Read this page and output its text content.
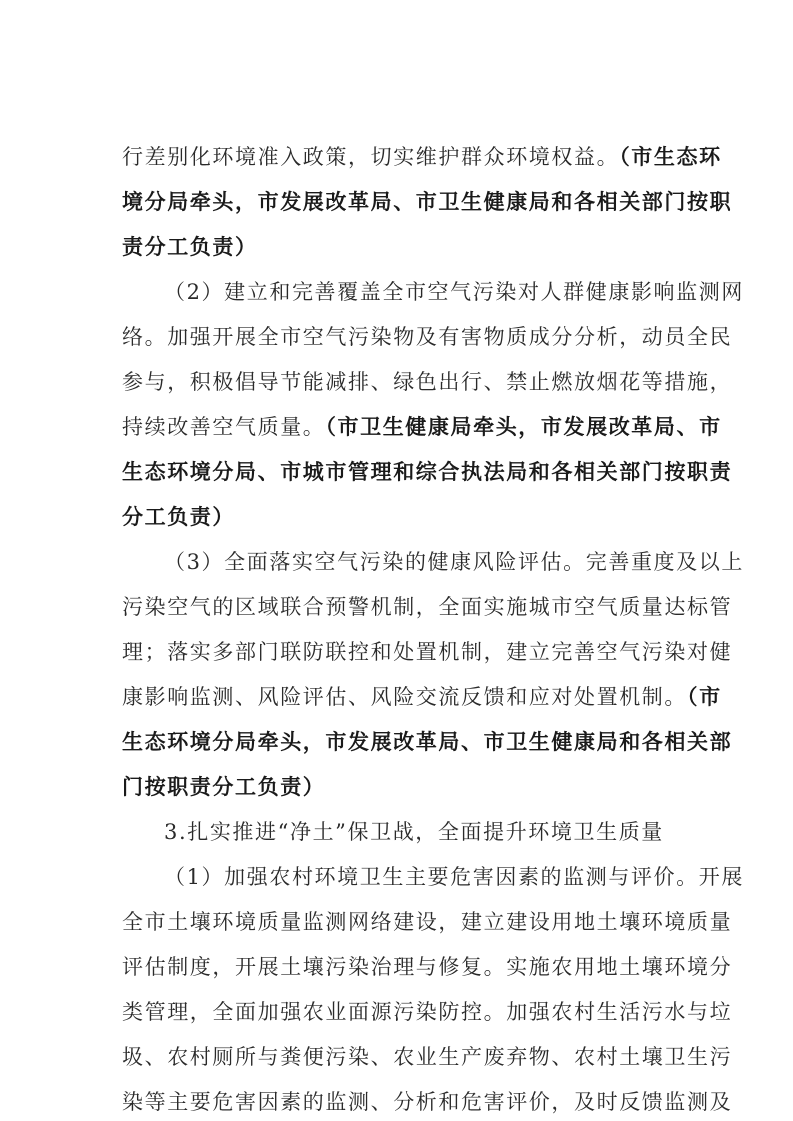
行差别化环境准入政策，切实维护群众环境权益。（市生态环
境分局牵头，市发展改革局、市卫生健康局和各相关部门按职
责分工负责）
（2）建立和完善覆盖全市空气污染对人群健康影响监测网
络。加强开展全市空气污染物及有害物质成分分析，动员全民
参与，积极倡导节能减排、绿色出行、禁止燃放烟花等措施，
持续改善空气质量。（市卫生健康局牵头，市发展改革局、市
生态环境分局、市城市管理和综合执法局和各相关部门按职责
分工负责）
（3）全面落实空气污染的健康风险评估。完善重度及以上
污染空气的区域联合预警机制，全面实施城市空气质量达标管
理；落实多部门联防联控和处置机制，建立完善空气污染对健
康影响监测、风险评估、风险交流反馈和应对处置机制。（市
生态环境分局牵头，市发展改革局、市卫生健康局和各相关部
门按职责分工负责）
3.扎实推进“净土”保卫战，全面提升环境卫生质量
（1）加强农村环境卫生主要危害因素的监测与评价。开展
全市土壤环境质量监测网络建设，建立建设用地土壤环境质量
评估制度，开展土壤污染治理与修复。实施农用地土壤环境分
类管理，全面加强农业面源污染防控。加强农村生活污水与垃
圾、农村厕所与粪便污染、农业生产废弃物、农村土壤卫生污
染等主要危害因素的监测、分析和危害评价，及时反馈监测及
